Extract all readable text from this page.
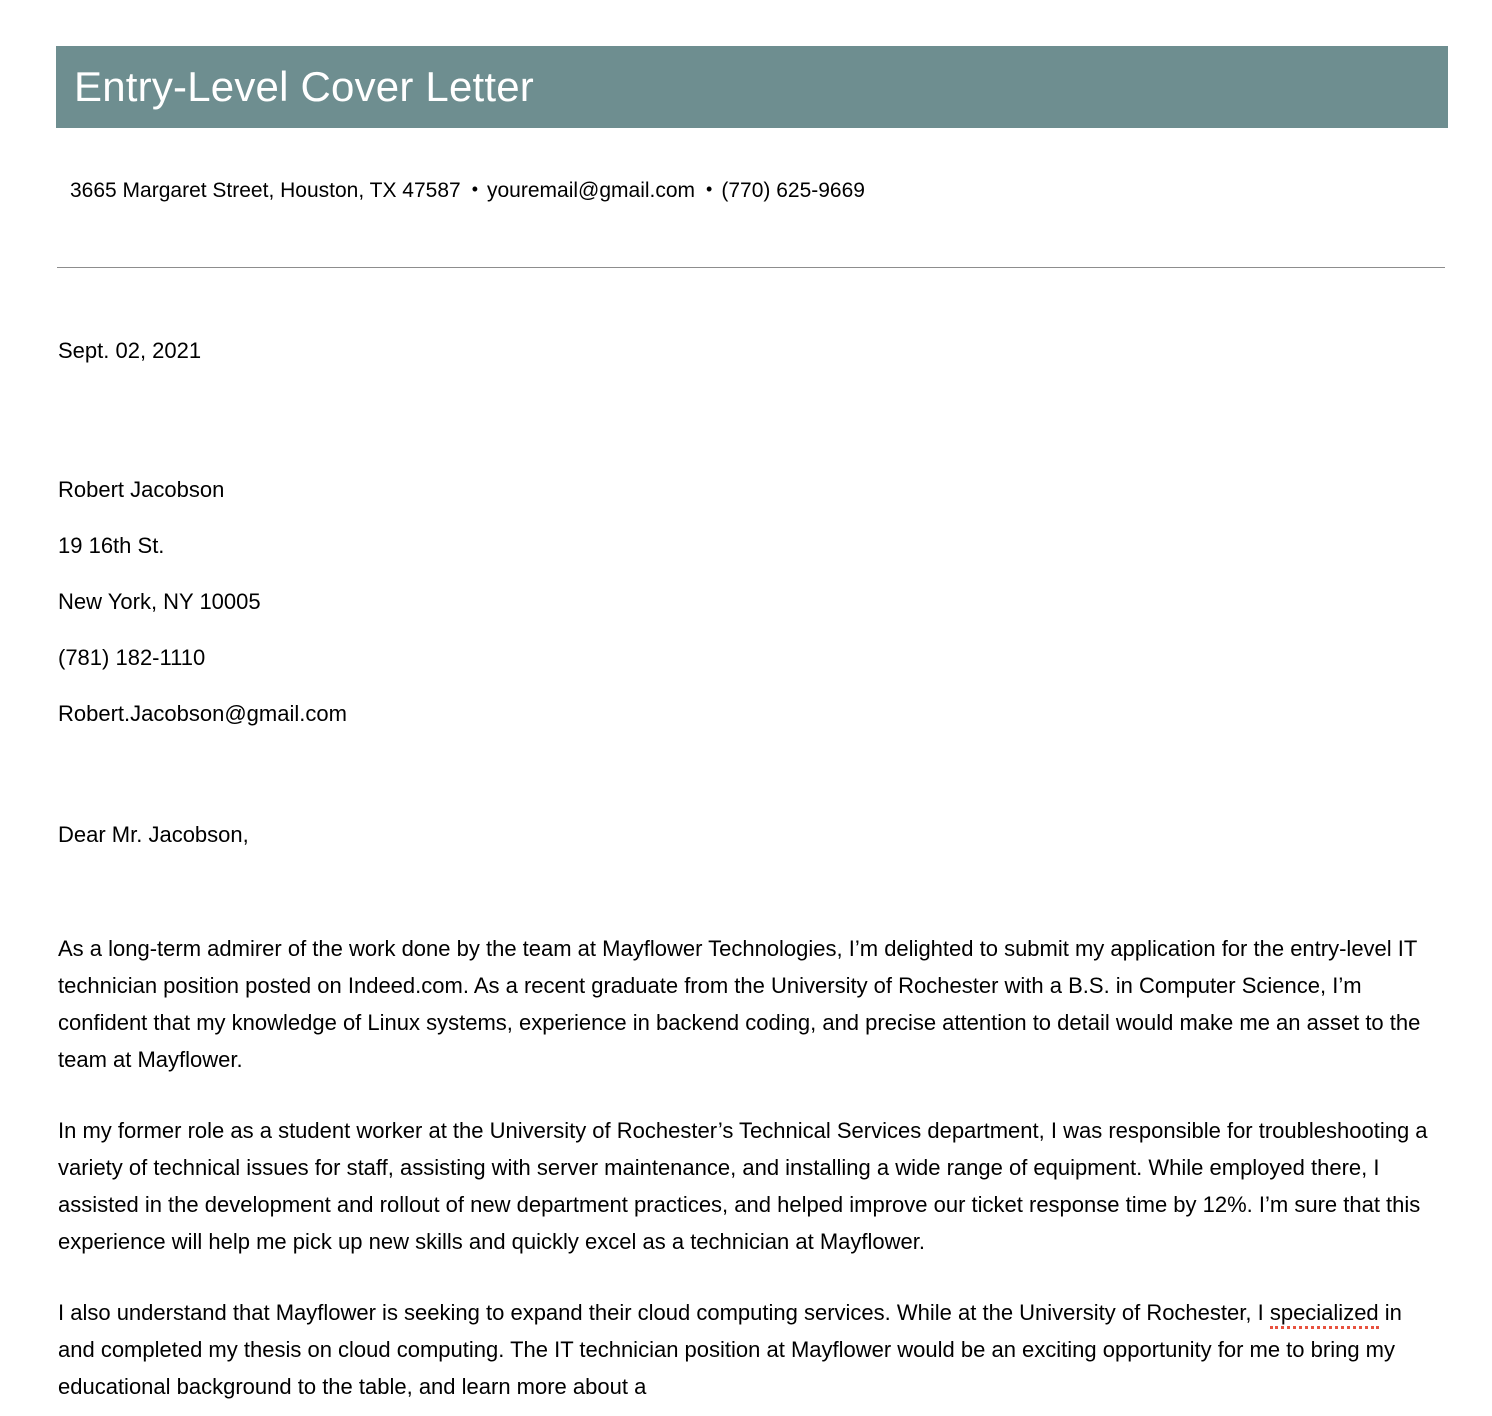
Entry-Level Cover Letter
3665 Margaret Street, Houston, TX 47587 • youremail@gmail.com • (770) 625-9669
Sept. 02, 2021
Robert Jacobson
19 16th St.
New York, NY 10005
(781) 182-1110
Robert.Jacobson@gmail.com
Dear Mr. Jacobson,

As a long-term admirer of the work done by the team at Mayflower Technologies, I’m delighted to submit my application for the entry-level IT technician position posted on Indeed.com. As a recent graduate from the University of Rochester with a B.S. in Computer Science, I’m confident that my knowledge of Linux systems, experience in backend coding, and precise attention to detail would make me an asset to the team at Mayflower.

In my former role as a student worker at the University of Rochester’s Technical Services department, I was responsible for troubleshooting a variety of technical issues for staff, assisting with server maintenance, and installing a wide range of equipment. While employed there, I assisted in the development and rollout of new department practices, and helped improve our ticket response time by 12%. I’m sure that this experience will help me pick up new skills and quickly excel as a technician at Mayflower.

I also understand that Mayflower is seeking to expand their cloud computing services. While at the University of Rochester, I specialized in and completed my thesis on cloud computing. The IT technician position at Mayflower would be an exciting opportunity for me to bring my educational background to the table, and learn more about a
